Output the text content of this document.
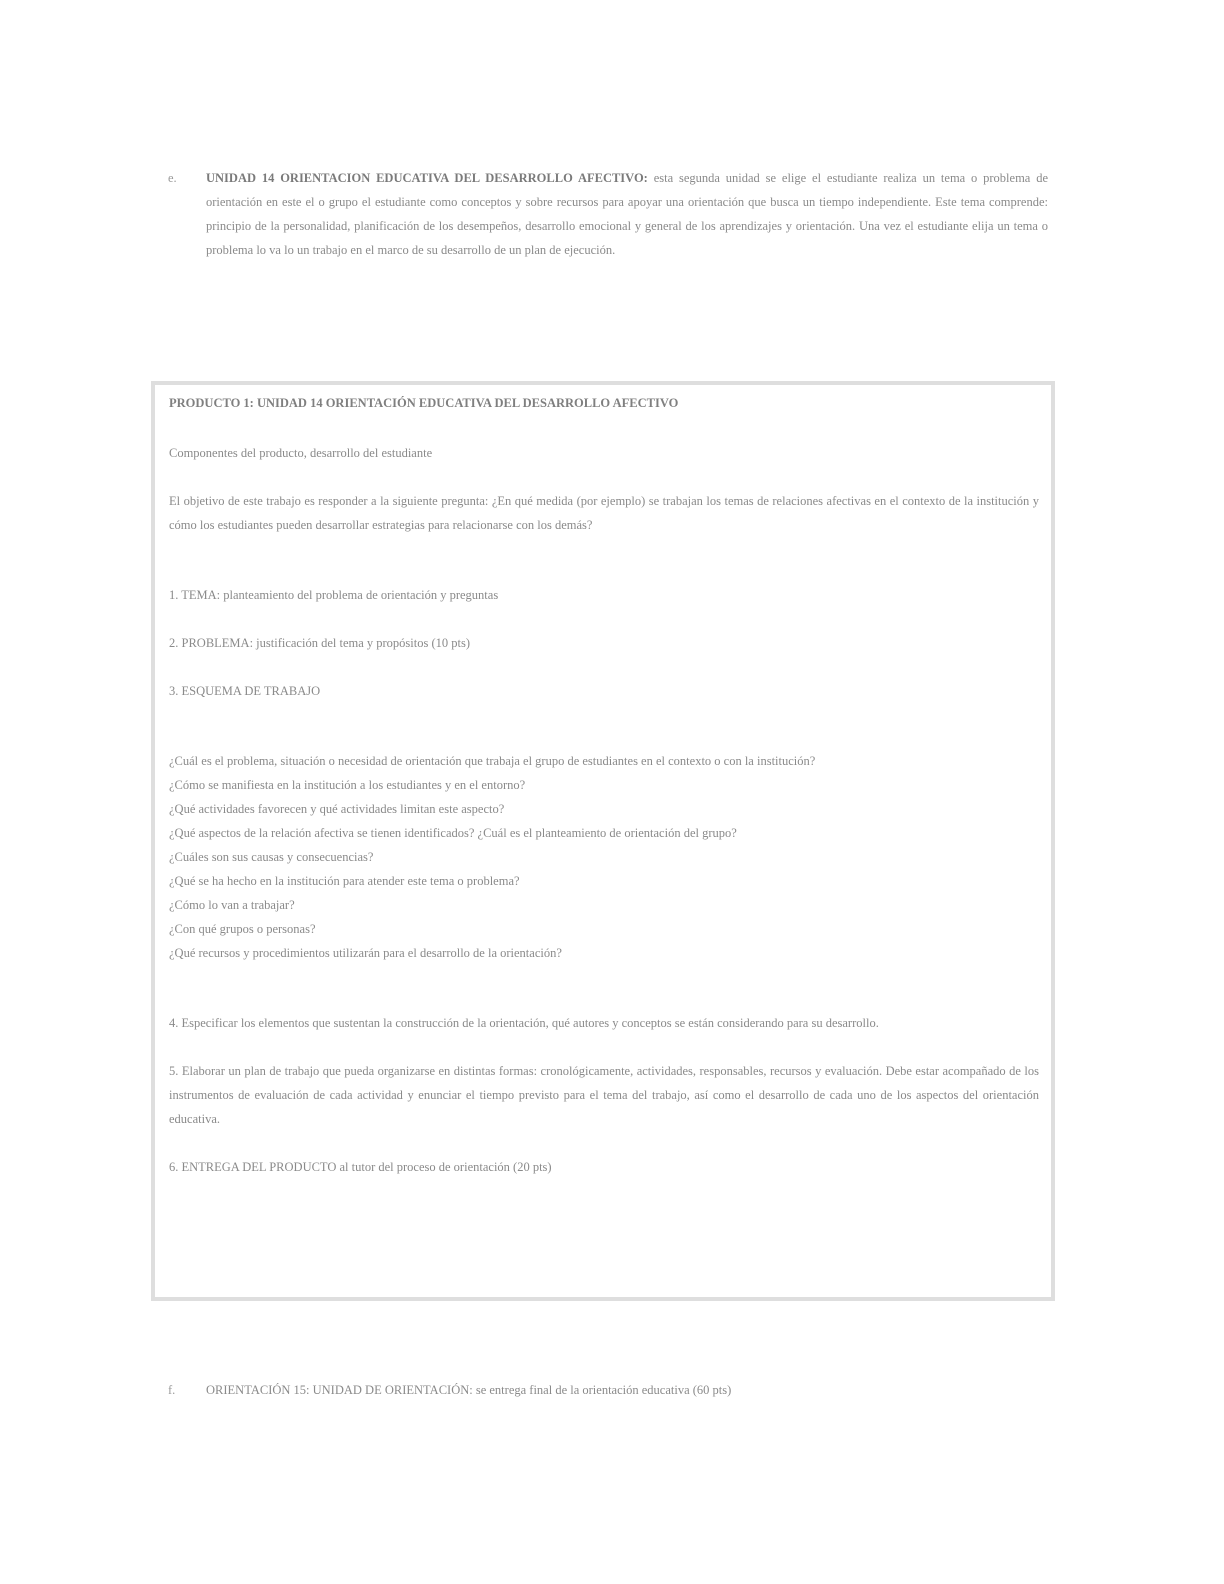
e.	UNIDAD 14 ORIENTACION EDUCATIVA DEL DESARROLLO AFECTIVO: esta segunda unidad se elige el estudiante realiza un tema o problema de orientación en este el o grupo el estudiante como conceptos y sobre recursos para apoyar una orientación que busca un tiempo independiente. Este tema comprende: principio de la personalidad, planificación de los desempeños, desarrollo emocional y general de los aprendizajes y orientación. Una vez el estudiante elija un tema o problema lo va lo un trabajo en el marco de su desarrollo de un plan de ejecución.

PRODUCTO 1: UNIDAD 14 ORIENTACIÓN EDUCATIVA DEL DESARROLLO AFECTIVO

Componentes del producto, desarrollo del estudiante

El objetivo de este trabajo es responder a la siguiente pregunta: ¿En qué medida (por ejemplo) se trabajan los temas de relaciones afectivas en el contexto de la institución y cómo los estudiantes pueden desarrollar estrategias para relacionarse con los demás?

1. TEMA: planteamiento del problema de orientación y preguntas

2. PROBLEMA: justificación del tema y propósitos (10 pts)

3. ESQUEMA DE TRABAJO

¿Cuál es el problema, situación o necesidad de orientación que trabaja el grupo de estudiantes en el contexto o con la institución?

¿Cómo se manifiesta en la institución a los estudiantes y en el entorno?

¿Qué actividades favorecen y qué actividades limitan este aspecto?

¿Qué aspectos de la relación afectiva se tienen identificados? ¿Cuál es el planteamiento de orientación del grupo?

¿Cuáles son sus causas y consecuencias?

¿Qué se ha hecho en la institución para atender este tema o problema?

¿Cómo lo van a trabajar?

¿Con qué grupos o personas?

¿Qué recursos y procedimientos utilizarán para el desarrollo de la orientación?

4. Especificar los elementos que sustentan la construcción de la orientación, qué autores y conceptos se están considerando para su desarrollo.

5. Elaborar un plan de trabajo que pueda organizarse en distintas formas: cronológicamente, actividades, responsables, recursos y evaluación. Debe estar acompañado de los instrumentos de evaluación de cada actividad y enunciar el tiempo previsto para el tema del trabajo, así como el desarrollo de cada uno de los aspectos del orientación educativa.

6. ENTREGA DEL PRODUCTO al tutor del proceso de orientación (20 pts)

f.	ORIENTACIÓN 15: UNIDAD DE ORIENTACIÓN: se entrega final de la orientación educativa (60 pts)
